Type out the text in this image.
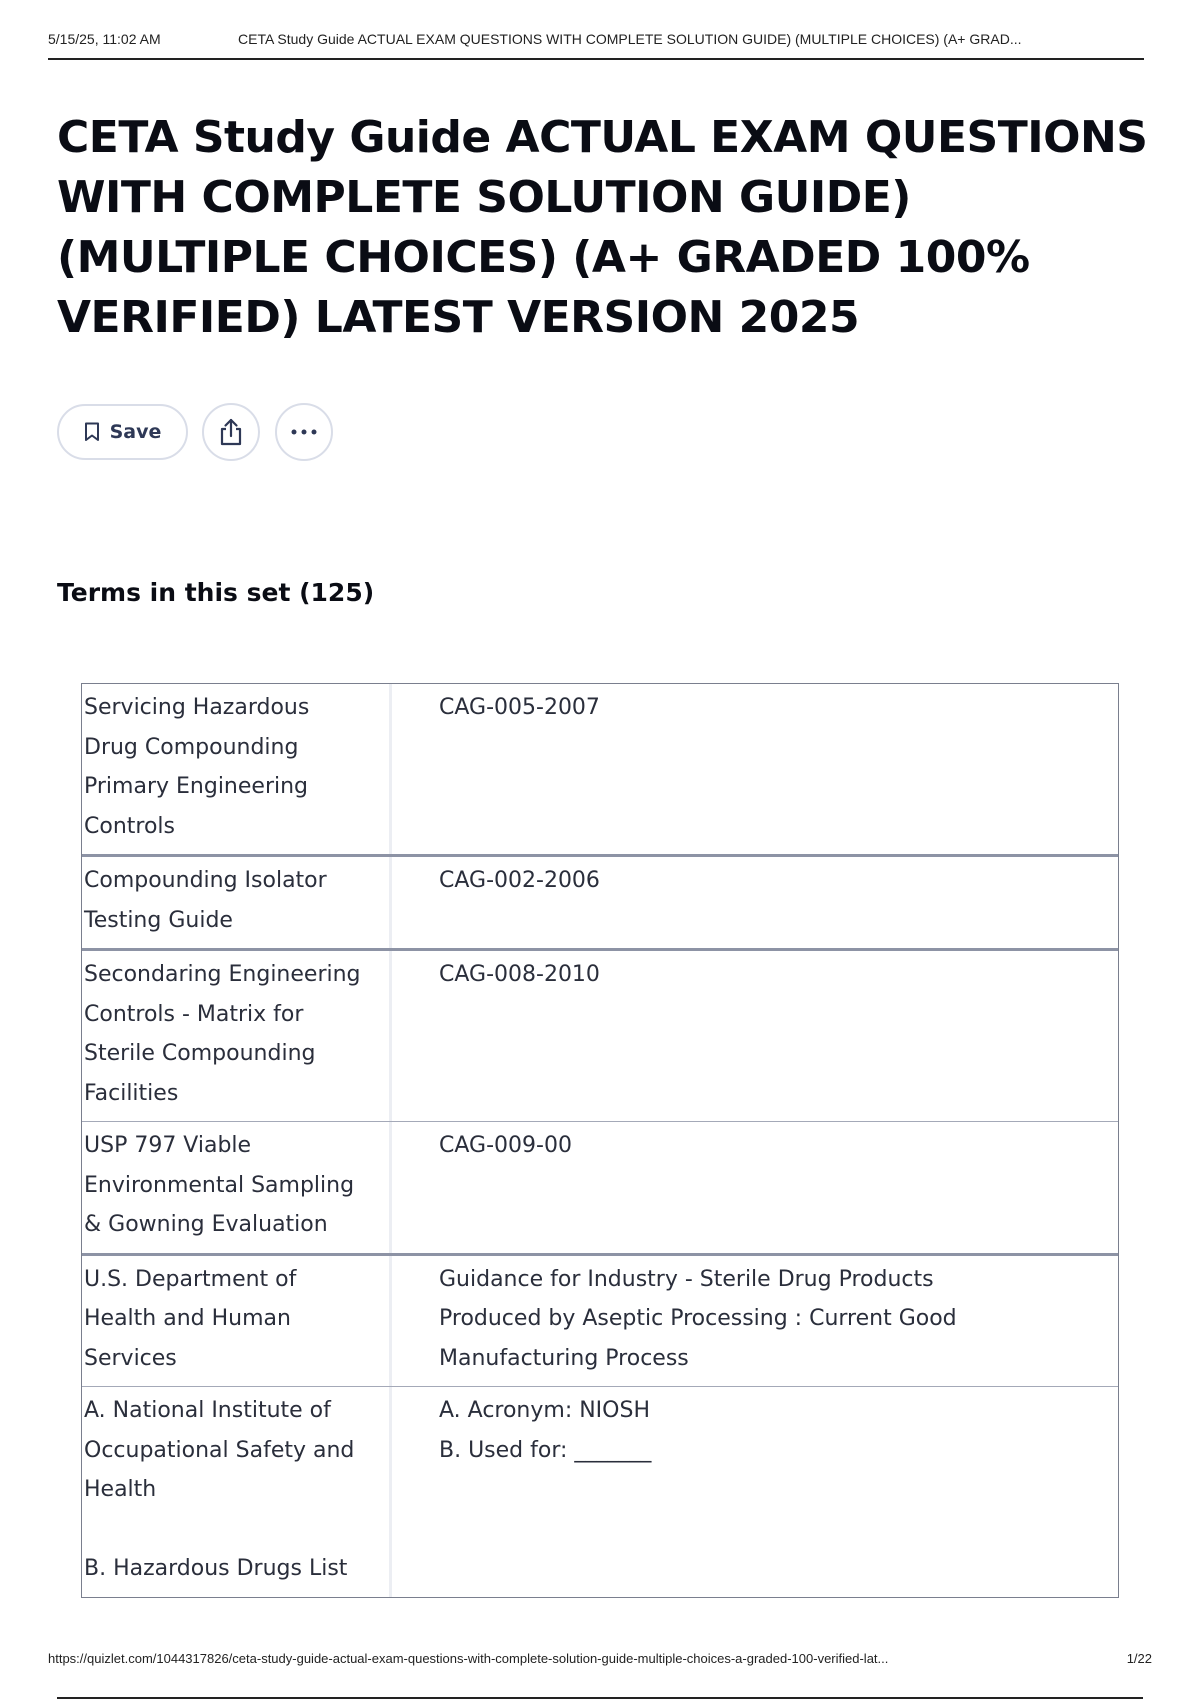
5/15/25, 11:02 AM	CETA Study Guide ACTUAL EXAM QUESTIONS WITH COMPLETE SOLUTION GUIDE) (MULTIPLE CHOICES) (A+ GRAD...
CETA Study Guide ACTUAL EXAM QUESTIONS WITH COMPLETE SOLUTION GUIDE) (MULTIPLE CHOICES) (A+ GRADED 100% VERIFIED) LATEST VERSION 2025
Save
Terms in this set (125)
Servicing Hazardous
Drug Compounding
Primary Engineering
Controls
CAG-005-2007
Compounding Isolator
Testing Guide
CAG-002-2006
Secondaring Engineering
Controls - Matrix for
Sterile Compounding
Facilities
CAG-008-2010
USP 797 Viable
Environmental Sampling
& Gowning Evaluation
CAG-009-00
U.S. Department of
Health and Human
Services
Guidance for Industry - Sterile Drug Products
Produced by Aseptic Processing : Current Good
Manufacturing Process
A. National Institute of
Occupational Safety and
Health

B. Hazardous Drugs List
A. Acronym: NIOSH
B. Used for: _______
https://quizlet.com/1044317826/ceta-study-guide-actual-exam-questions-with-complete-solution-guide-multiple-choices-a-graded-100-verified-lat...	1/22
